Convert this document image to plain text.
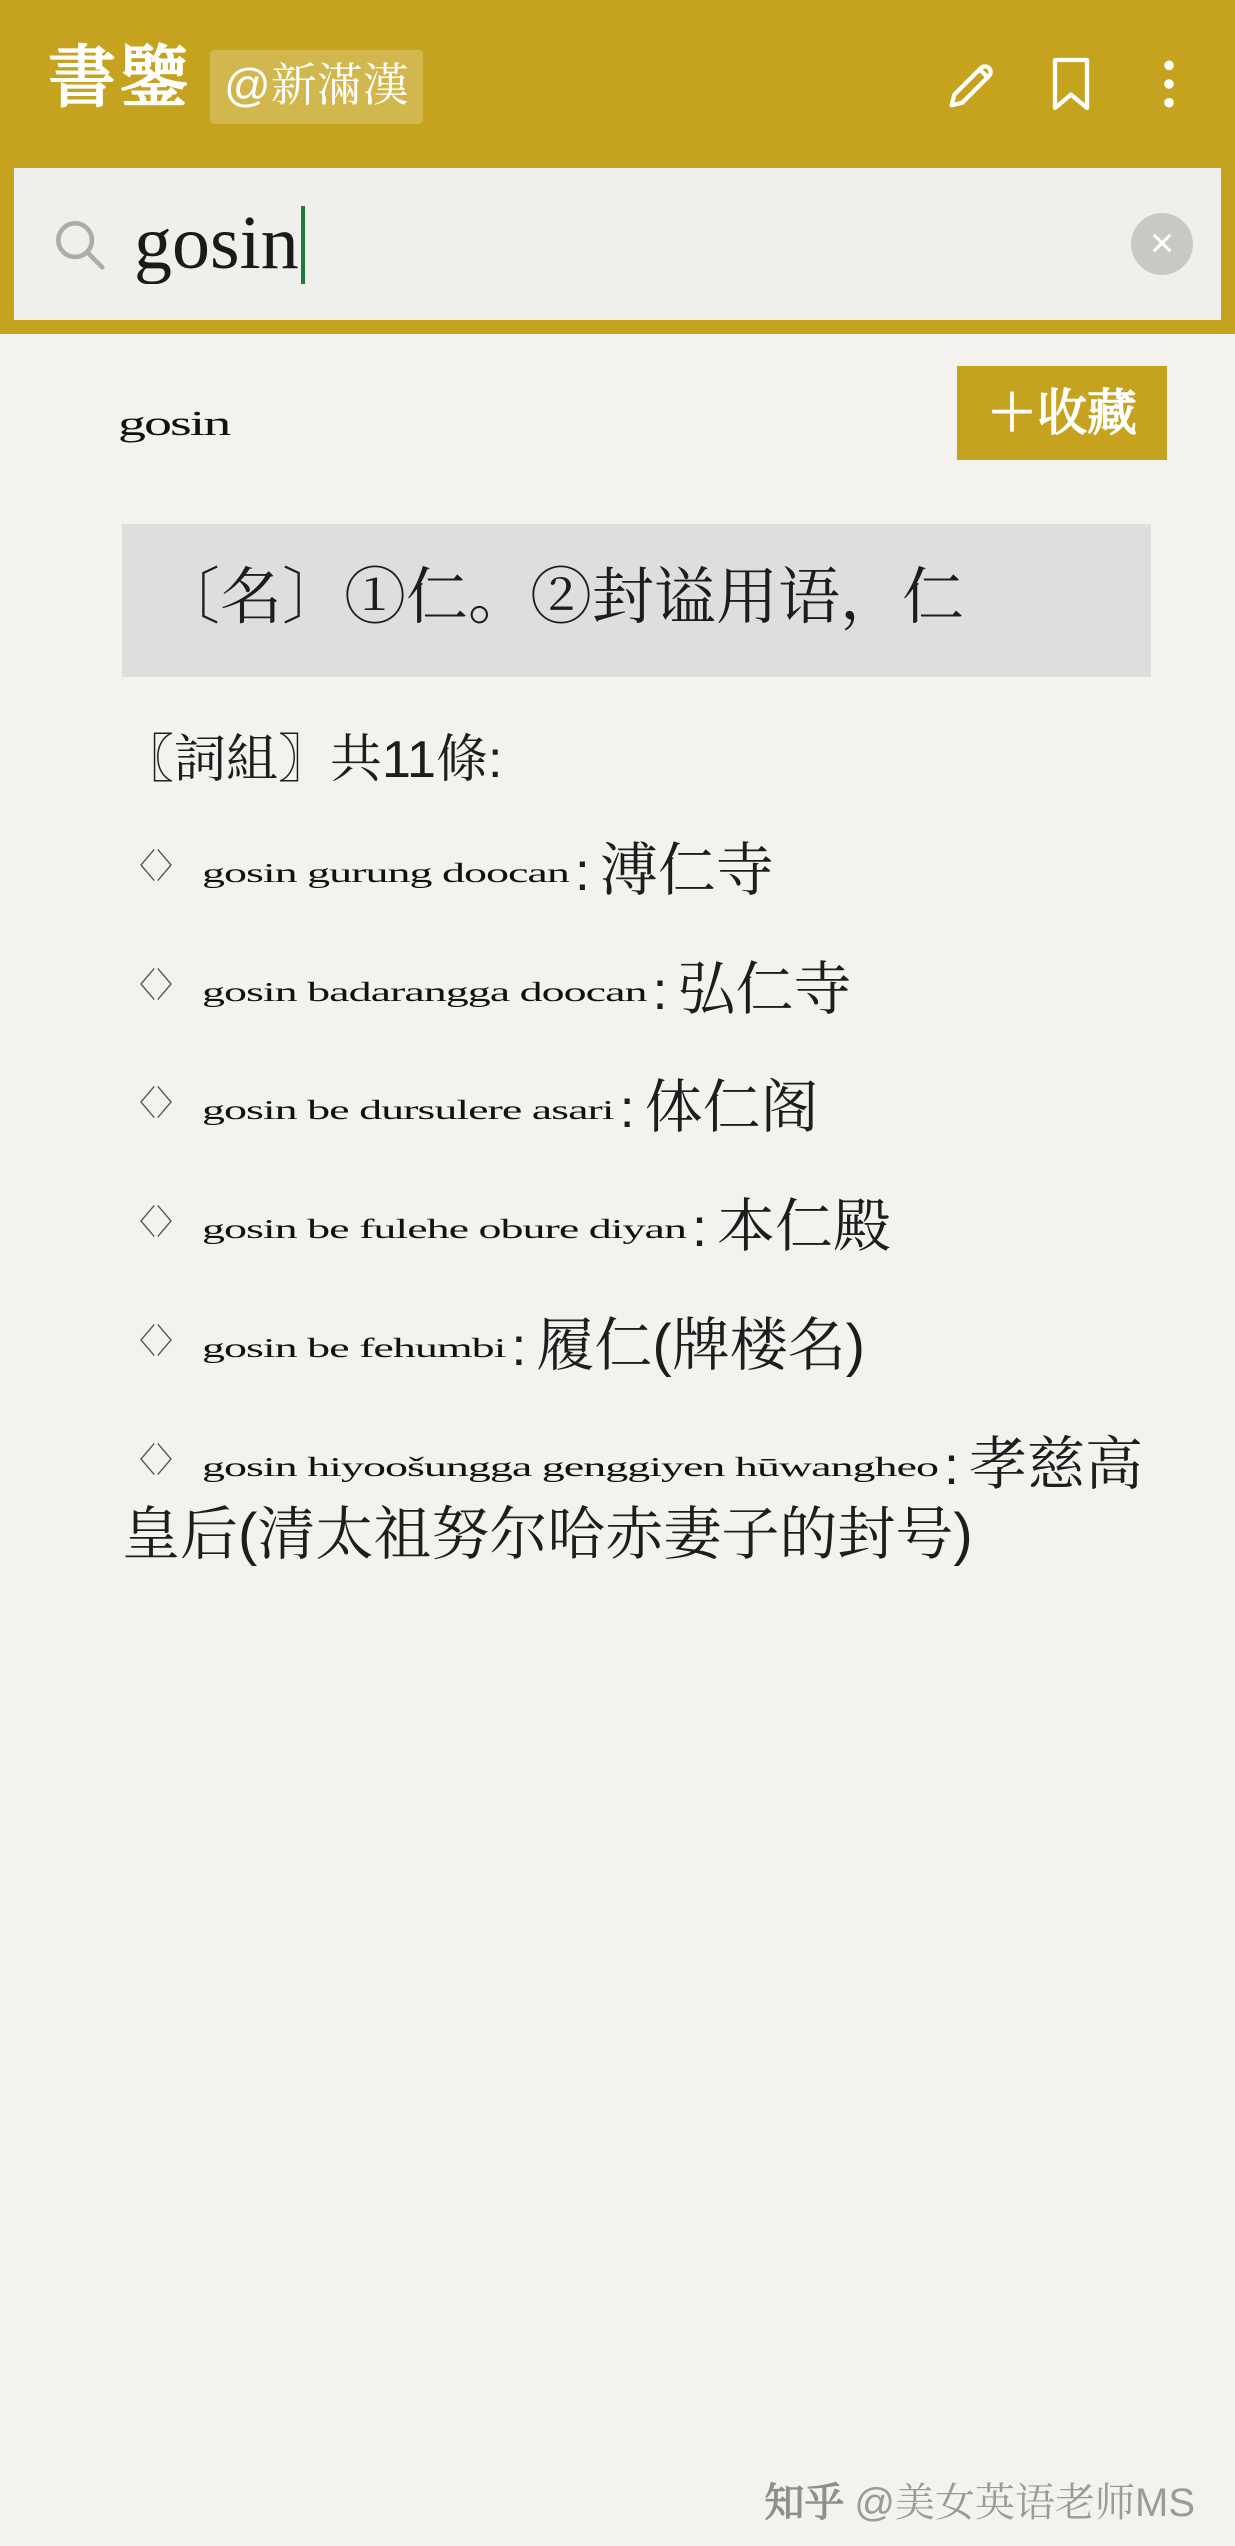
書鑒 @新滿漢
gosin	×
gosin	＋收藏
〔名〕①仁。②封谥用语，仁
〖詞組〗共11條:
〈〉 gosin gurung doocan : 溥仁寺
〈〉 gosin badarangga doocan : 弘仁寺
〈〉 gosin be dursulere asari : 体仁阁
〈〉 gosin be fulehe obure diyan : 本仁殿
〈〉 gosin be fehumbi : 履仁(牌楼名)
〈〉 gosin hiyoošungga genggiyen hūwangheo : 孝慈高皇后(清太祖努尔哈赤妻子的封号)
知乎 @美女英语老师MS
